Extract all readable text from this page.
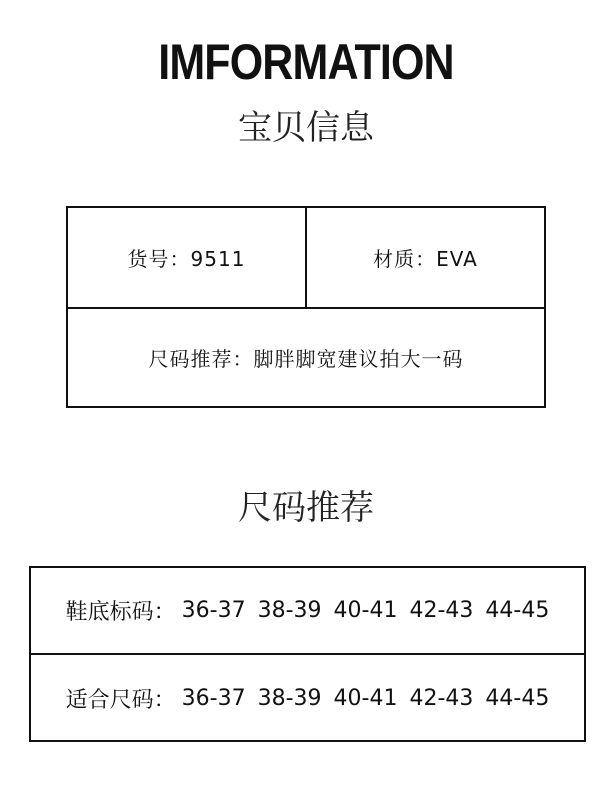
IMFORMATION
宝贝信息
货号：9511	材质：EVA
尺码推荐：脚胖脚宽建议拍大一码
尺码推荐
鞋底标码： 36-37 38-39 40-41 42-43 44-45
适合尺码： 36-37 38-39 40-41 42-43 44-45
